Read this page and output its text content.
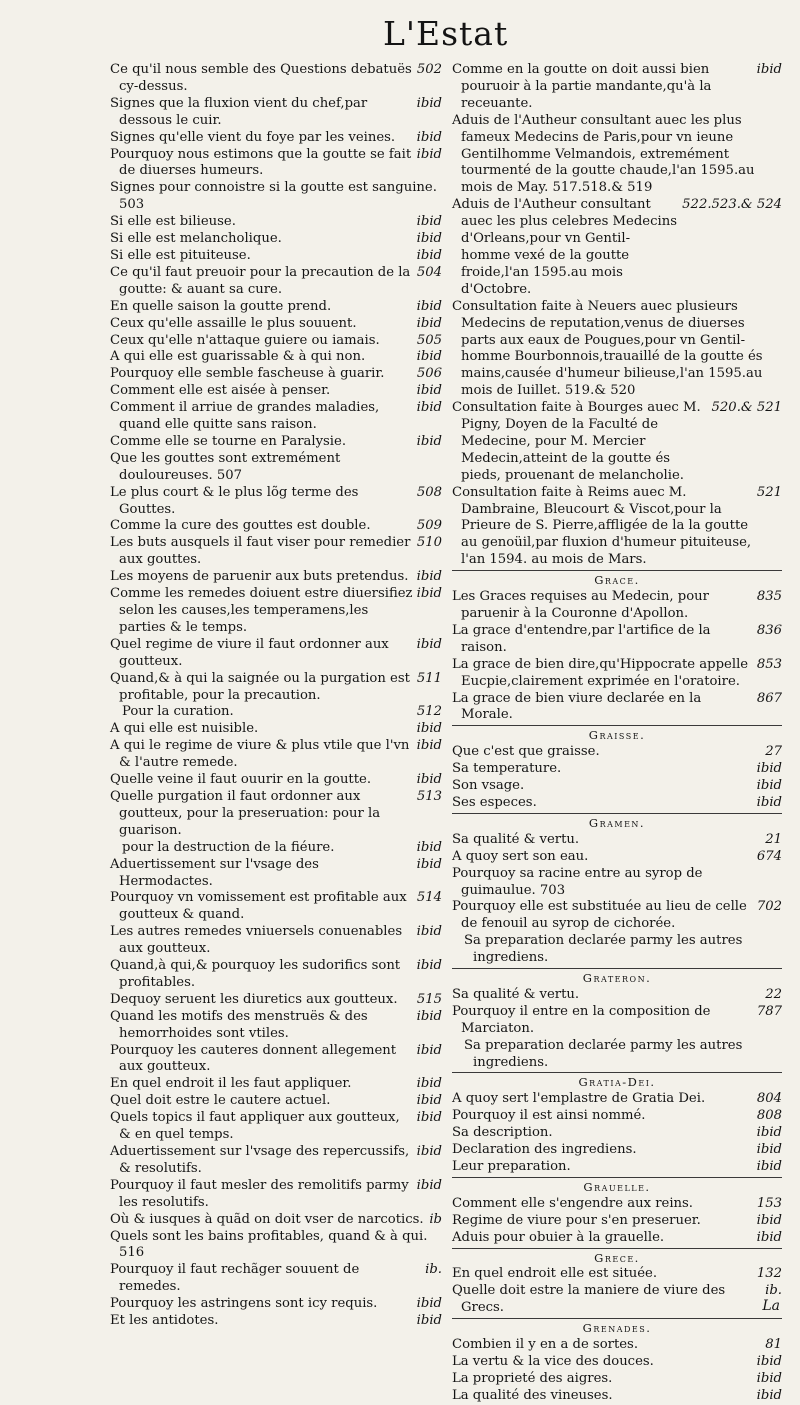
L'Estat
Ce qu'il nous semble des Questions debatuës cy-dessus.
502
Signes que la fluxion vient du chef,par dessous le cuir.
ibid
Signes qu'elle vient du foye par les veines.	ibid
Pourquoy nous estimons que la goutte se fait de diuerses humeurs.
ibid
Signes pour connoistre si la goutte est sanguine. 503
Si elle est bilieuse.	ibid
Si elle est melancholique.	ibid
Si elle est pituiteuse.	ibid
Ce qu'il faut preuoir pour la precaution de la goutte: & auant sa cure.
504
En quelle saison la goutte prend.	ibid
Ceux qu'elle assaille le plus souuent.	ibid
Ceux qu'elle n'attaque guiere ou iamais.	505
A qui elle est guarissable & à qui non.	ibid
Pourquoy elle semble fascheuse à guarir.	506
Comment elle est aisée à penser.	ibid
Comment il arriue de grandes maladies, quand elle quitte sans raison.
ibid
Comme elle se tourne en Paralysie.	ibid
Que les gouttes sont extremément douloureuses. 507
Le plus court & le plus lõg terme des Gouttes.
508
Comme la cure des gouttes est double.	509
Les buts ausquels il faut viser pour remedier aux gouttes.
510
Les moyens de paruenir aux buts pretendus. ibid
Comme les remedes doiuent estre diuersifiez selon les causes,les temperamens,les parties & le temps.
ibid
Quel regime de viure il faut ordonner aux goutteux.
ibid
Quand,& à qui la saignée ou la purgation est profitable, pour la precaution.
511
Pour la curation.	512
A qui elle est nuisible.	ibid
A qui le regime de viure & plus vtile que l'vn & l'autre remede.
ibid
Quelle veine il faut ouurir en la goutte.	ibid
Quelle purgation il faut ordonner aux goutteux, pour la preseruation: pour la guarison.
513
pour la destruction de la fiéure.	ibid
Aduertissement sur l'vsage des Hermodactes.
ibid
Pourquoy vn vomissement est profitable aux goutteux & quand.
514
Les autres remedes vniuersels conuenables aux goutteux.
ibid
Quand,à qui,& pourquoy les sudorifics sont profitables.
ibid
Dequoy seruent les diuretics aux goutteux.	515
Quand les motifs des menstruës & des hemorrhoides sont vtiles.
ibid
Pourquoy les cauteres donnent allegement aux goutteux.
ibid
En quel endroit il les faut appliquer.	ibid
Quel doit estre le cautere actuel.	ibid
Quels topics il faut appliquer aux goutteux, & en quel temps.
ibid
Aduertissement sur l'vsage des repercussifs, & resolutifs.
ibid
Pourquoy il faut mesler des remolitifs parmy les resolutifs.
ibid
Où & iusques à quãd on doit vser de narcotics. ib
Quels sont les bains profitables, quand & à qui. 516
Pourquoy il faut rechãger souuent de remedes.
ib.
Pourquoy les astringens sont icy requis.	ibid
Et les antidotes.	ibid
Comme en la goutte on doit aussi bien pouruoir à la partie mandante,qu'à la receuante.
ibid
Aduis de l'Autheur consultant auec les plus fameux Medecins de Paris,pour vn ieune Gentilhomme Velmandois, extremément tourmenté de la goutte chaude,l'an 1595.au mois de May. 517.518.& 519
Aduis de l'Autheur consultant auec les plus celebres Medecins d'Orleans,pour vn Gentil-homme vexé de la goutte froide,l'an 1595.au mois d'Octobre.
522.523.& 524
Consultation faite à Neuers auec plusieurs Medecins de reputation,venus de diuerses parts aux eaux de Pougues,pour vn Gentil-homme Bourbonnois,trauaillé de la goutte és mains,causée d'humeur bilieuse,l'an 1595.au mois de Iuillet. 519.& 520
Consultation faite à Bourges auec M. Pigny, Doyen de la Faculté de Medecine, pour M. Mercier Medecin,atteint de la goutte és pieds, prouenant de melancholie.
520.& 521
Consultation faite à Reims auec M. Dambraine, Bleucourt & Viscot,pour la Prieure de S. Pierre,affligée de la la goutte au genoüil,par fluxion d'humeur pituiteuse, l'an 1594. au mois de Mars.
521
Grace.
Les Graces requises au Medecin, pour paruenir à la Couronne d'Apollon.
835
La grace d'entendre,par l'artifice de la raison.
836
La grace de bien dire,qu'Hippocrate appelle Eucpie,clairement exprimée en l'oratoire.
853
La grace de bien viure declarée en la Morale.
867
Graisse.
Que c'est que graisse.	27
Sa temperature.	ibid
Son vsage.	ibid
Ses especes.	ibid
Gramen.
Sa qualité & vertu.	21
A quoy sert son eau.	674
Pourquoy sa racine entre au syrop de guimaulue. 703
Pourquoy elle est substituée au lieu de celle de fenouil au syrop de cichorée.
702
Sa preparation declarée parmy les autres ingrediens.
Grateron.
Sa qualité & vertu.	22
Pourquoy il entre en la composition de Marciaton.
787
Sa preparation declarée parmy les autres ingrediens.
Gratia-Dei.
A quoy sert l'emplastre de Gratia Dei.	804
Pourquoy il est ainsi nommé.	808
Sa description.	ibid
Declaration des ingrediens.	ibid
Leur preparation.	ibid
Grauelle.
Comment elle s'engendre aux reins.	153
Regime de viure pour s'en preseruer.	ibid
Aduis pour obuier à la grauelle.	ibid
Grece.
En quel endroit elle est située.	132
Quelle doit estre la maniere de viure des Grecs.
ib.
Grenades.
Combien il y en a de sortes.	81
La vertu & la vice des douces.	ibid
La proprieté des aigres.	ibid
La qualité des vineuses.	ibid
La
